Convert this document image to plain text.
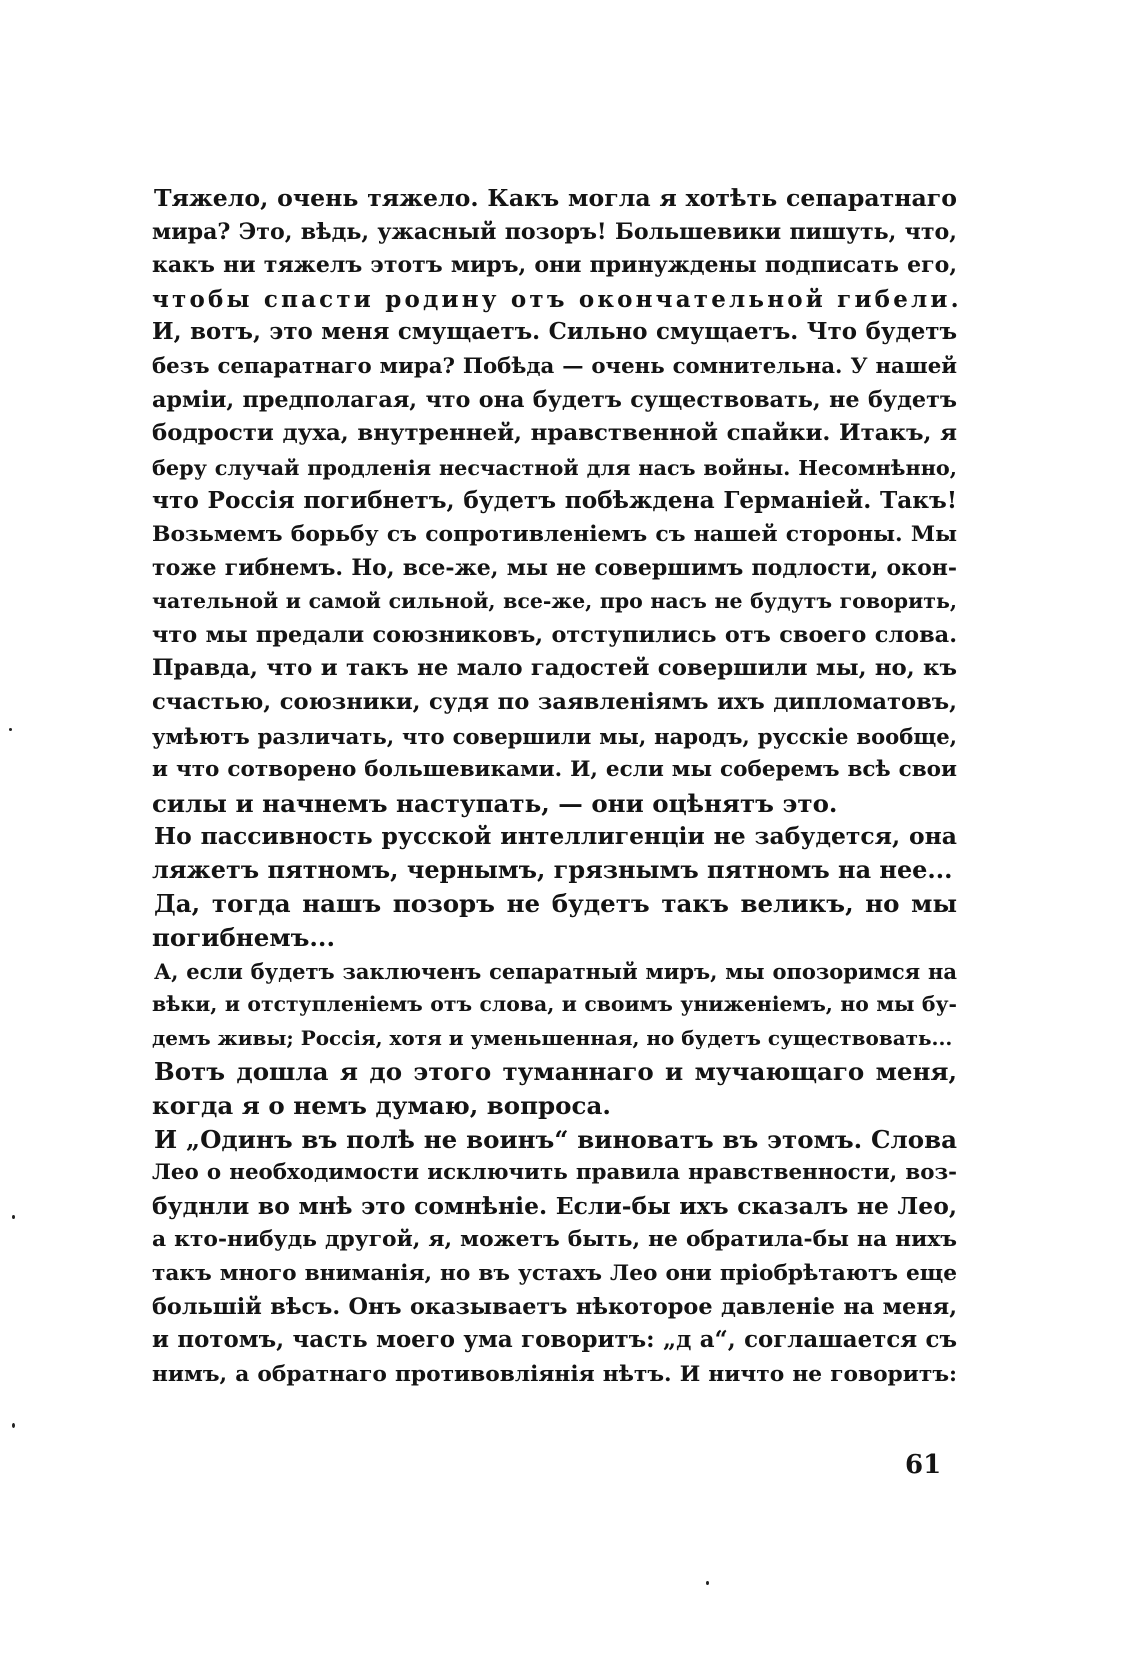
Тяжело, очень тяжело. Какъ могла я хотѣть сепаратнаго
мира? Это, вѣдь, ужасный позоръ! Большевики пишуть, что,
какъ ни тяжелъ этотъ миръ, они принуждены подписать его,
чтобы спасти родину отъ окончательной гибели.
И, вотъ, это меня смущаетъ. Сильно смущаетъ. Что будетъ
безъ сепаратнаго мира? Побѣда — очень сомнительна. У нашей
арміи, предполагая, что она будетъ существовать, не будетъ
бодрости духа, внутренней, нравственной спайки. Итакъ, я
беру случай продленія несчастной для насъ войны. Несомнѣнно,
что Россія погибнетъ, будетъ побѣждена Германіей. Такъ!
Возьмемъ борьбу съ сопротивленіемъ съ нашей стороны. Мы
тоже гибнемъ. Но, все-же, мы не совершимъ подлости, окон-
чательной и самой сильной, все-же, про насъ не будутъ говорить,
что мы предали союзниковъ, отступились отъ своего слова.
Правда, что и такъ не мало гадостей совершили мы, но, къ
счастью, союзники, судя по заявленіямъ ихъ дипломатовъ,
умѣютъ различать, что совершили мы, народъ, русскіе вообще,
и что сотворено большевиками. И, если мы соберемъ всѣ свои
силы и начнемъ наступать, — они оцѣнятъ это.

Но пассивность русской интеллигенціи не забудется, она
ляжетъ пятномъ, чернымъ, грязнымъ пятномъ на нее...

Да, тогда нашъ позоръ не будетъ такъ великъ, но мы
погибнемъ...

А, если будетъ заключенъ сепаратный миръ, мы опозоримся на
вѣки, и отступленіемъ отъ слова, и своимъ униженіемъ, но мы бу-
демъ живы; Россія, хотя и уменьшенная, но будетъ существовать...

Вотъ дошла я до этого туманнаго и мучающаго меня,
когда я о немъ думаю, вопроса.

И „Одинъ въ полѣ не воинъ“ виноватъ въ этомъ. Слова
Лео о необходимости исключить правила нравственности, воз-
буднли во мнѣ это сомнѣніе. Если-бы ихъ сказалъ не Лео,
а кто-нибудь другой, я, можетъ быть, не обратила-бы на нихъ
такъ много вниманія, но въ устахъ Лео они пріобрѣтаютъ еще
большій вѣсъ. Онъ оказываетъ нѣкоторое давленіе на меня,
и потомъ, часть моего ума говоритъ: „д а“, соглашается съ
нимъ, а обратнаго противовліянія нѣтъ. И ничто не говоритъ:

61
